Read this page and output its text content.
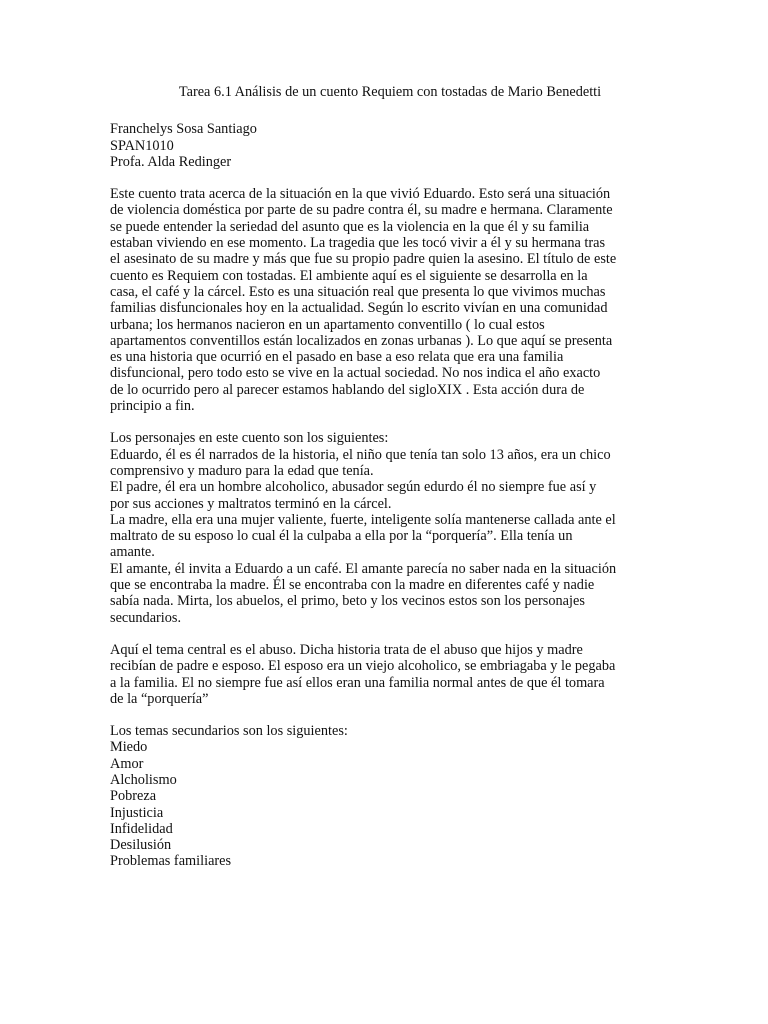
Tarea 6.1 Análisis de un cuento Requiem con tostadas de Mario Benedetti
Franchelys Sosa Santiago
SPAN1010
Profa. Alda Redinger
Este cuento trata acerca de la situación en la que vivió Eduardo. Esto será una situación
de violencia doméstica por parte de su padre contra él, su madre e hermana. Claramente
se puede entender la seriedad del asunto que es la violencia en la que él y su familia
estaban viviendo en ese momento. La tragedia que les tocó vivir a él y su hermana tras
el asesinato de su madre y más que fue su propio padre quien la asesino. El título de este
cuento es Requiem con tostadas. El ambiente aquí es el siguiente se desarrolla en la
casa, el café y la cárcel. Esto es una situación real que presenta lo que vivimos muchas
familias disfuncionales hoy en la actualidad. Según lo escrito vivían en una comunidad
urbana; los hermanos nacieron en un apartamento conventillo ( lo cual estos
apartamentos conventillos están localizados en zonas urbanas ). Lo que aquí se presenta
es una historia que ocurrió en el pasado en base a eso relata que era una familia
disfuncional, pero todo esto se vive en la actual sociedad. No nos indica el año exacto
de lo ocurrido pero al parecer estamos hablando del sigloXIX . Esta acción dura de
principio a fin.
Los personajes en este cuento son los siguientes:
Eduardo, él es él narrados de la historia, el niño que tenía tan solo 13 años, era un chico
comprensivo y maduro para la edad que tenía.
El padre, él era un hombre alcoholico, abusador según edurdo él no siempre fue así y
por sus acciones y maltratos terminó en la cárcel.
La madre, ella era una mujer valiente, fuerte, inteligente solía mantenerse callada ante el
maltrato de su esposo lo cual él la culpaba a ella por la “porquería”. Ella tenía un
amante.
El amante, él invita a Eduardo a un café. El amante parecía no saber nada en la situación
que se encontraba la madre. Él se encontraba con la madre en diferentes café y nadie
sabía nada. Mirta, los abuelos, el primo, beto y los vecinos estos son los personajes
secundarios.
Aquí el tema central es el abuso. Dicha historia trata de el abuso que hijos y madre
recibían de padre e esposo. El esposo era un viejo alcoholico, se embriagaba y le pegaba
a la familia. El no siempre fue así ellos eran una familia normal antes de que él tomara
de la “porquería”
Los temas secundarios son los siguientes:
Miedo
Amor
Alcholismo
Pobreza
Injusticia
Infidelidad
Desilusión
Problemas familiares
